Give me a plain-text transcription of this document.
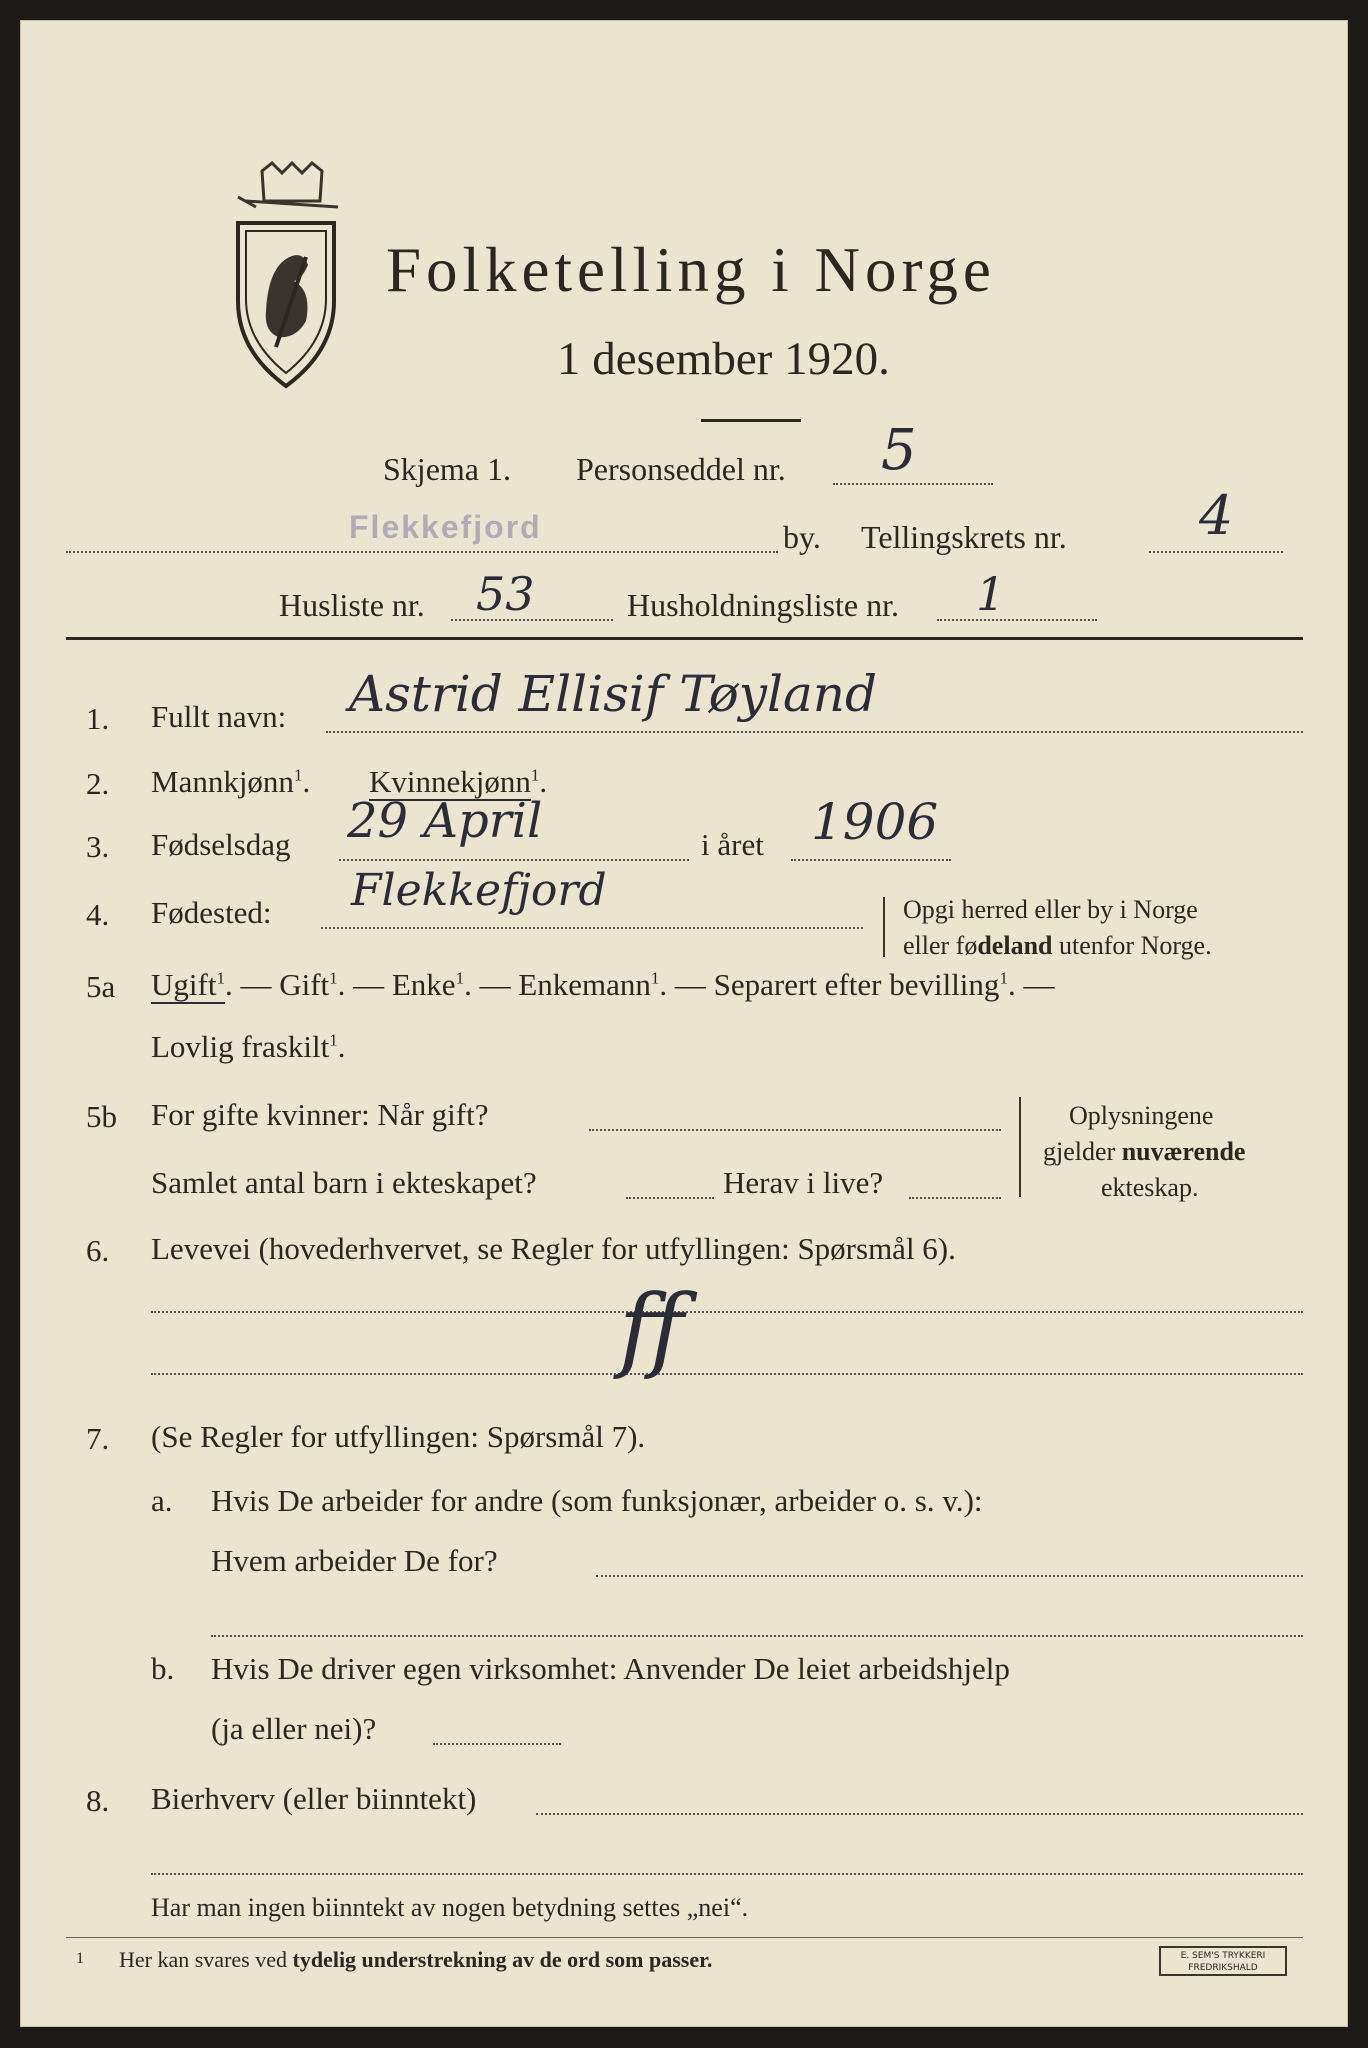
Folketelling i Norge
1 desember 1920.
Skjema 1. Personseddel nr. 5
Flekkefjord	by. Tellingskrets nr. 4
Husliste nr. 53	Husholdningsliste nr. 1
1. Fullt navn: Astrid Ellisif Tøyland
2. Mannkjønn$^1$. Kvinnekjønn$^1$.
3. Fødselsdag 29 April	i året 1906
4. Fødested: Flekkefjord	Opgi herred eller by i Norge
eller fødeland utenfor Norge.
5a Ugift$^1$. — Gift$^1$. — Enke$^1$. — Enkemann$^1$. — Separert efter bevilling$^1$. —
Lovlig fraskilt$^1$.
5b For gifte kvinner: Når gift?
Samlet antal barn i ekteskapet?	Herav i live?
Oplysningene
gjelder nuværende
ekteskap.
6. Levevei (hovederhvervet, se Regler for utfyllingen: Spørsmål 6).
ff
7. (Se Regler for utfyllingen: Spørsmål 7).
a. Hvis De arbeider for andre (som funksjonær, arbeider o. s. v.):
Hvem arbeider De for?
b. Hvis De driver egen virksomhet: Anvender De leiet arbeidshjelp
(ja eller nei)?
8. Bierhverv (eller biinntekt)
Har man ingen biinntekt av nogen betydning settes „nei“.
1 Her kan svares ved tydelig understrekning av de ord som passer.	E. SEM'S TRYKKERI
FREDRIKSHALD
